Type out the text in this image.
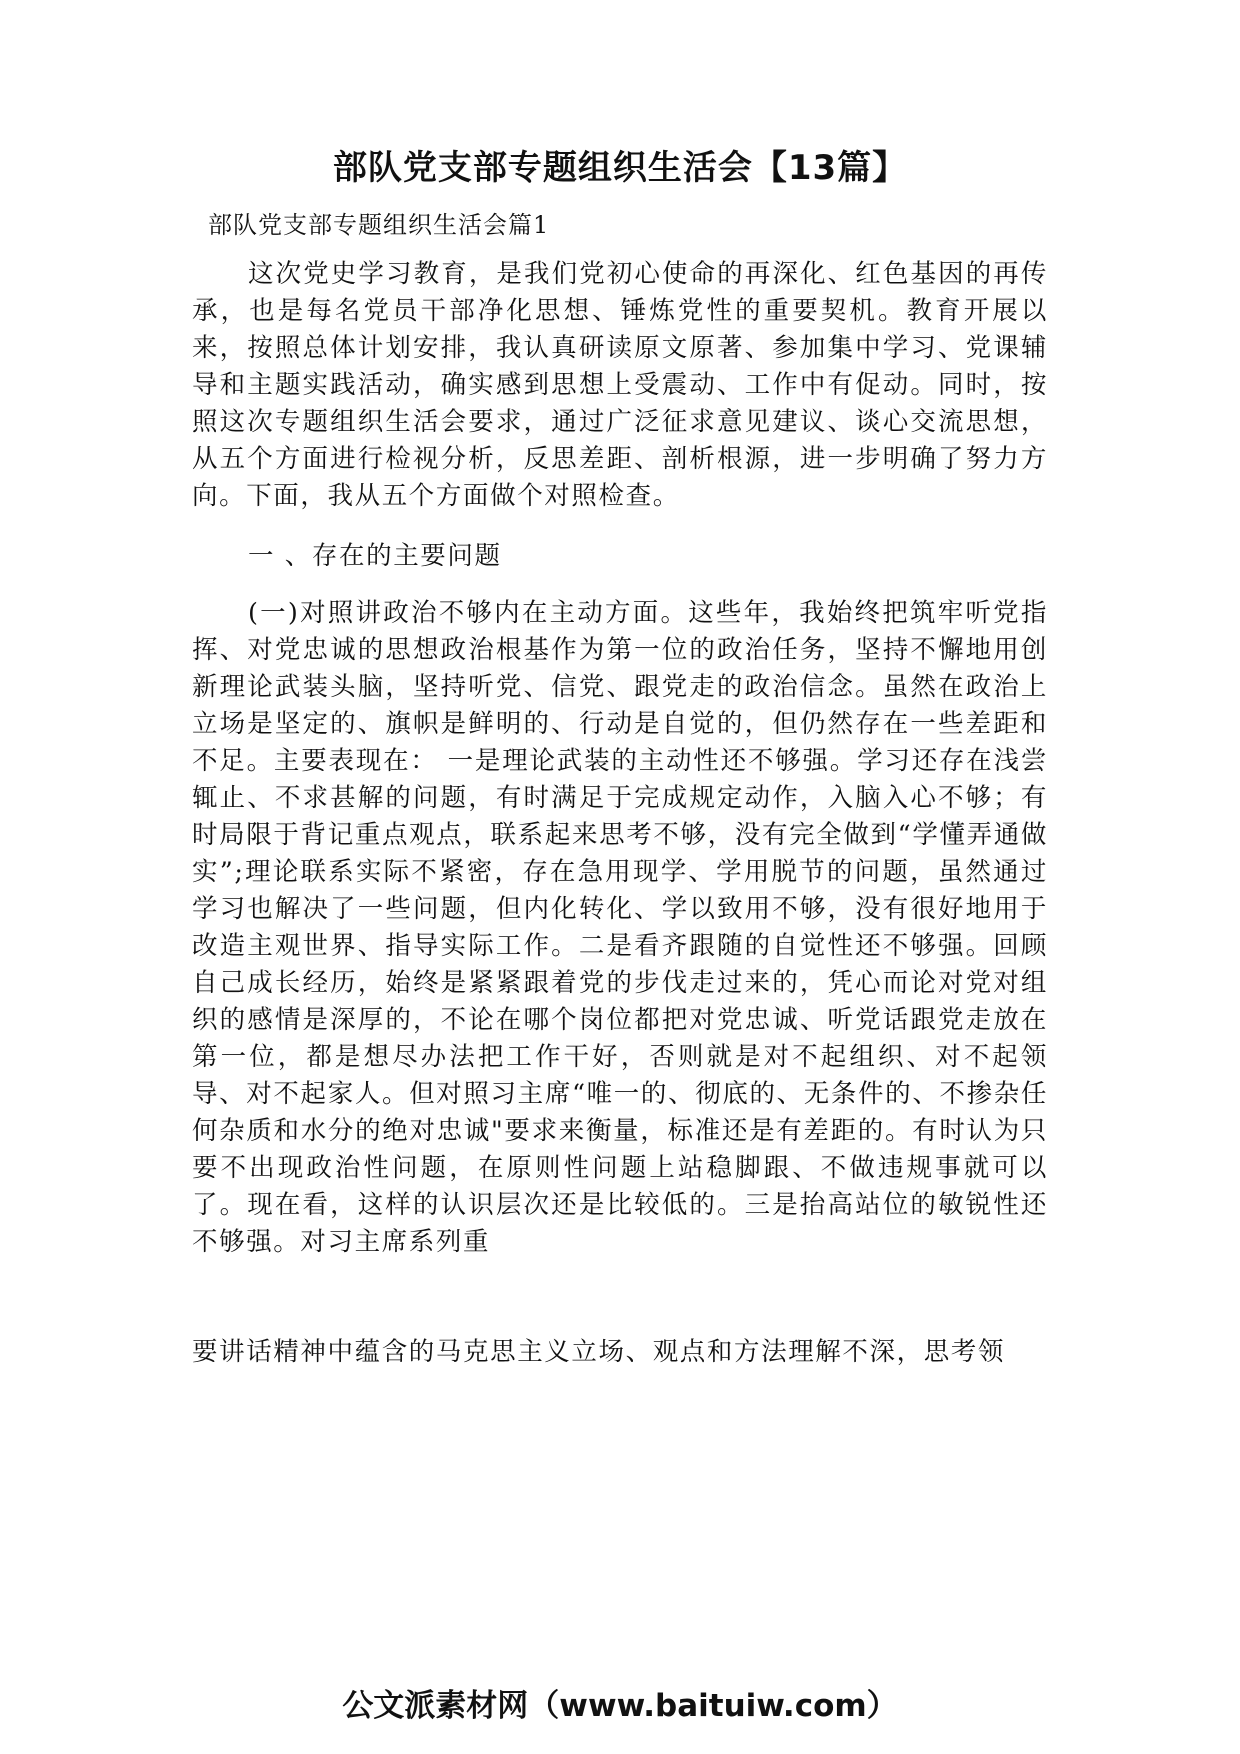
部队党支部专题组织生活会【13篇】
部队党支部专题组织生活会篇1
这次党史学习教育，是我们党初心使命的再深化、红色基因的再传承，也是每名党员干部净化思想、锤炼党性的重要契机。教育开展以来，按照总体计划安排，我认真研读原文原著、参加集中学习、党课辅导和主题实践活动，确实感到思想上受震动、工作中有促动。同时，按照这次专题组织生活会要求，通过广泛征求意见建议、谈心交流思想，从五个方面进行检视分析，反思差距、剖析根源，进一步明确了努力方向。下面，我从五个方面做个对照检查。
一 、存在的主要问题
(一)对照讲政治不够内在主动方面。这些年，我始终把筑牢听党指挥、对党忠诚的思想政治根基作为第一位的政治任务，坚持不懈地用创新理论武装头脑，坚持听党、信党、跟党走的政治信念。虽然在政治上立场是坚定的、旗帜是鲜明的、行动是自觉的，但仍然存在一些差距和不足。主要表现在： 一是理论武装的主动性还不够强。学习还存在浅尝辄止、不求甚解的问题，有时满足于完成规定动作，入脑入心不够；有时局限于背记重点观点，联系起来思考不够，没有完全做到“学懂弄通做实”;理论联系实际不紧密，存在急用现学、学用脱节的问题，虽然通过学习也解决了一些问题，但内化转化、学以致用不够，没有很好地用于改造主观世界、指导实际工作。二是看齐跟随的自觉性还不够强。回顾自己成长经历，始终是紧紧跟着党的步伐走过来的，凭心而论对党对组织的感情是深厚的，不论在哪个岗位都把对党忠诚、听党话跟党走放在第一位，都是想尽办法把工作干好，否则就是对不起组织、对不起领导、对不起家人。但对照习主席“唯一的、彻底的、无条件的、不掺杂任何杂质和水分的绝对忠诚"要求来衡量，标准还是有差距的。有时认为只要不出现政治性问题，在原则性问题上站稳脚跟、不做违规事就可以了。现在看，这样的认识层次还是比较低的。三是抬高站位的敏锐性还不够强。对习主席系列重
要讲话精神中蕴含的马克思主义立场、观点和方法理解不深，思考领
公文派素材网（www.baituiw.com）
